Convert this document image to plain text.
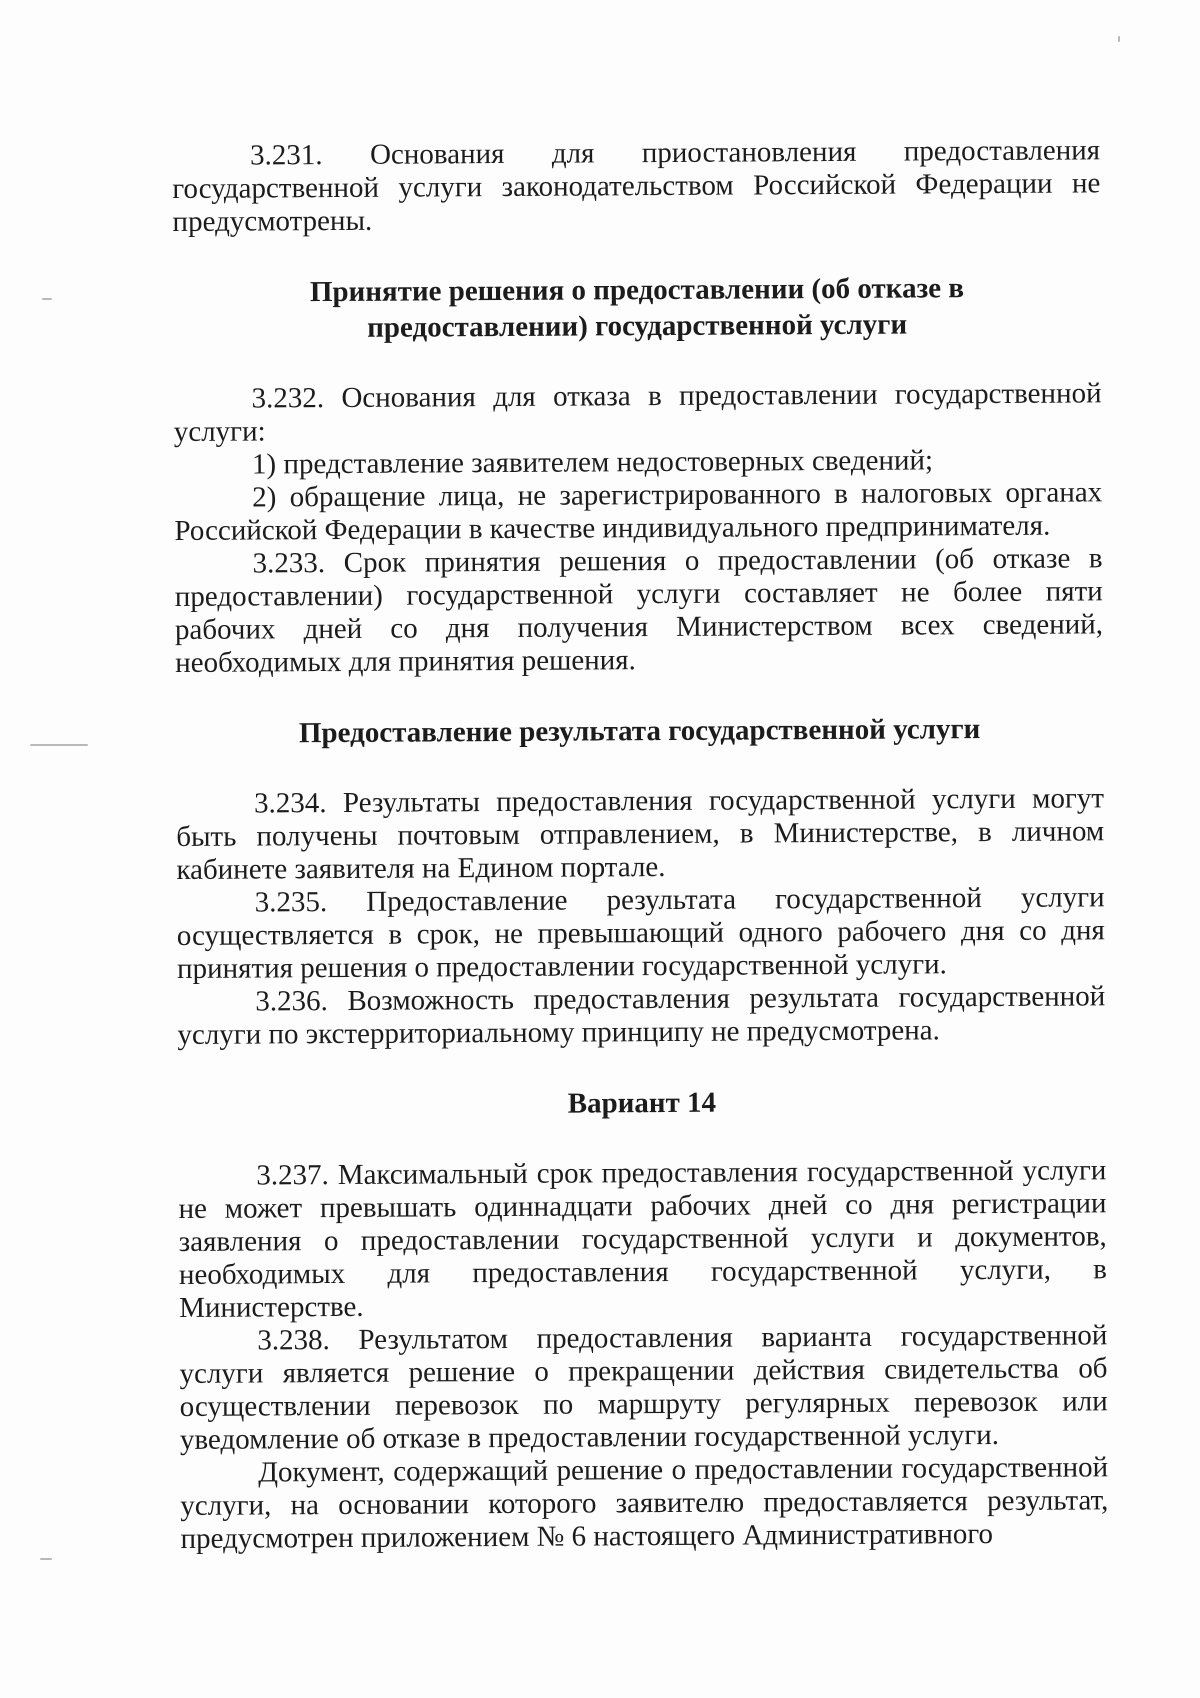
3.231. Основания для приостановления предоставления государственной услуги законодательством Российской Федерации не предусмотрены.

Принятие решения о предоставлении (об отказе в
предоставлении) государственной услуги

3.232. Основания для отказа в предоставлении государственной услуги:

1) представление заявителем недостоверных сведений;

2) обращение лица, не зарегистрированного в налоговых органах Российской Федерации в качестве индивидуального предпринимателя.

3.233. Срок принятия решения о предоставлении (об отказе в предоставлении) государственной услуги составляет не более пяти рабочих дней со дня получения Министерством всех сведений, необходимых для принятия решения.

Предоставление результата государственной услуги

3.234. Результаты предоставления государственной услуги могут быть получены почтовым отправлением, в Министерстве, в личном кабинете заявителя на Едином портале.

3.235. Предоставление результата государственной услуги осуществляется в срок, не превышающий одного рабочего дня со дня принятия решения о предоставлении государственной услуги.

3.236. Возможность предоставления результата государственной услуги по экстерриториальному принципу не предусмотрена.

Вариант 14

3.237. Максимальный срок предоставления государственной услуги не может превышать одиннадцати рабочих дней со дня регистрации заявления о предоставлении государственной услуги и документов, необходимых для предоставления государственной услуги, в Министерстве.

3.238. Результатом предоставления варианта государственной услуги является решение о прекращении действия свидетельства об осуществлении перевозок по маршруту регулярных перевозок или уведомление об отказе в предоставлении государственной услуги.

Документ, содержащий решение о предоставлении государственной услуги, на основании которого заявителю предоставляется результат, предусмотрен приложением № 6 настоящего Административного
